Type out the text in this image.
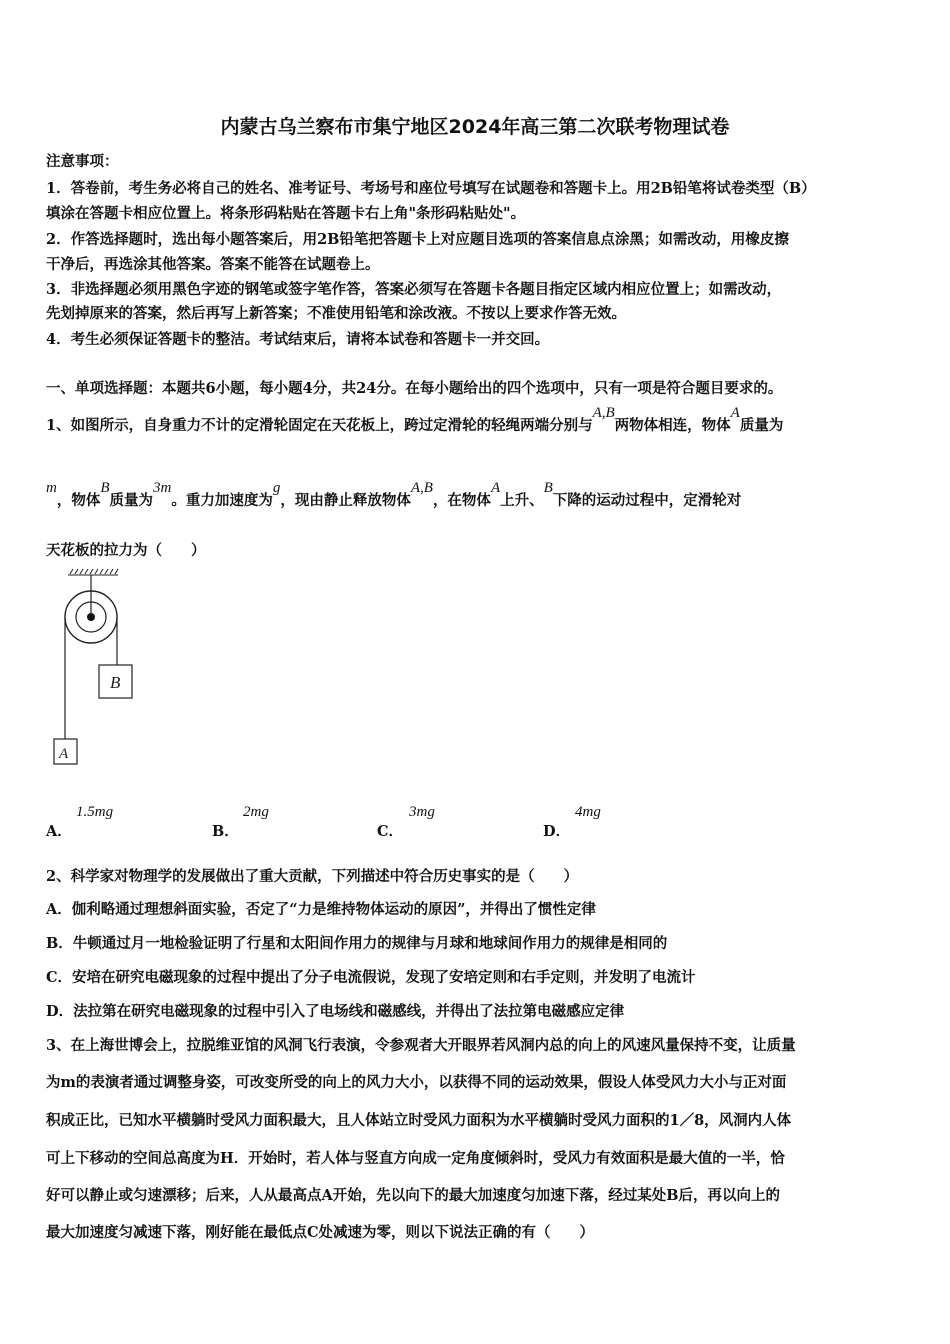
内蒙古乌兰察布市集宁地区2024年高三第二次联考物理试卷
注意事项：
1．答卷前，考生务必将自己的姓名、准考证号、考场号和座位号填写在试题卷和答题卡上。用2B铅笔将试卷类型（B）
填涂在答题卡相应位置上。将条形码粘贴在答题卡右上角"条形码粘贴处"。
2．作答选择题时，选出每小题答案后，用2B铅笔把答题卡上对应题目选项的答案信息点涂黑；如需改动，用橡皮擦
干净后，再选涂其他答案。答案不能答在试题卷上。
3．非选择题必须用黑色字迹的钢笔或签字笔作答，答案必须写在答题卡各题目指定区域内相应位置上；如需改动，
先划掉原来的答案，然后再写上新答案；不准使用铅笔和涂改液。不按以上要求作答无效。
4．考生必须保证答题卡的整洁。考试结束后，请将本试卷和答题卡一并交回。
一、单项选择题：本题共6小题，每小题4分，共24分。在每小题给出的四个选项中，只有一项是符合题目要求的。
1、如图所示，自身重力不计的定滑轮固定在天花板上，跨过定滑轮的轻绳两端分别与A,B两物体相连，物体A质量为
m，物体B质量为3m。重力加速度为g，现由静止释放物体A,B，在物体A上升、B下降的运动过程中，定滑轮对
天花板的拉力为（　　）
B
A
A．
1.5mg
B．
2mg
C．
3mg
D．
4mg
2、科学家对物理学的发展做出了重大贡献，下列描述中符合历史事实的是（　　）
A．伽利略通过理想斜面实验，否定了“力是维持物体运动的原因”，并得出了惯性定律
B．牛顿通过月一地检验证明了行星和太阳间作用力的规律与月球和地球间作用力的规律是相同的
C．安培在研究电磁现象的过程中提出了分子电流假说，发现了安培定则和右手定则，并发明了电流计
D．法拉第在研究电磁现象的过程中引入了电场线和磁感线，并得出了法拉第电磁感应定律
3、在上海世博会上，拉脱维亚馆的风洞飞行表演，令参观者大开眼界若风洞内总的向上的风速风量保持不变，让质量
为m的表演者通过调整身姿，可改变所受的向上的风力大小，以获得不同的运动效果，假设人体受风力大小与正对面
积成正比，已知水平横躺时受风力面积最大，且人体站立时受风力面积为水平横躺时受风力面积的1／8，风洞内人体
可上下移动的空间总高度为H．开始时，若人体与竖直方向成一定角度倾斜时，受风力有效面积是最大值的一半，恰
好可以静止或匀速漂移；后来，人从最高点A开始，先以向下的最大加速度匀加速下落，经过某处B后，再以向上的
最大加速度匀减速下落，刚好能在最低点C处减速为零，则以下说法正确的有（　　）
